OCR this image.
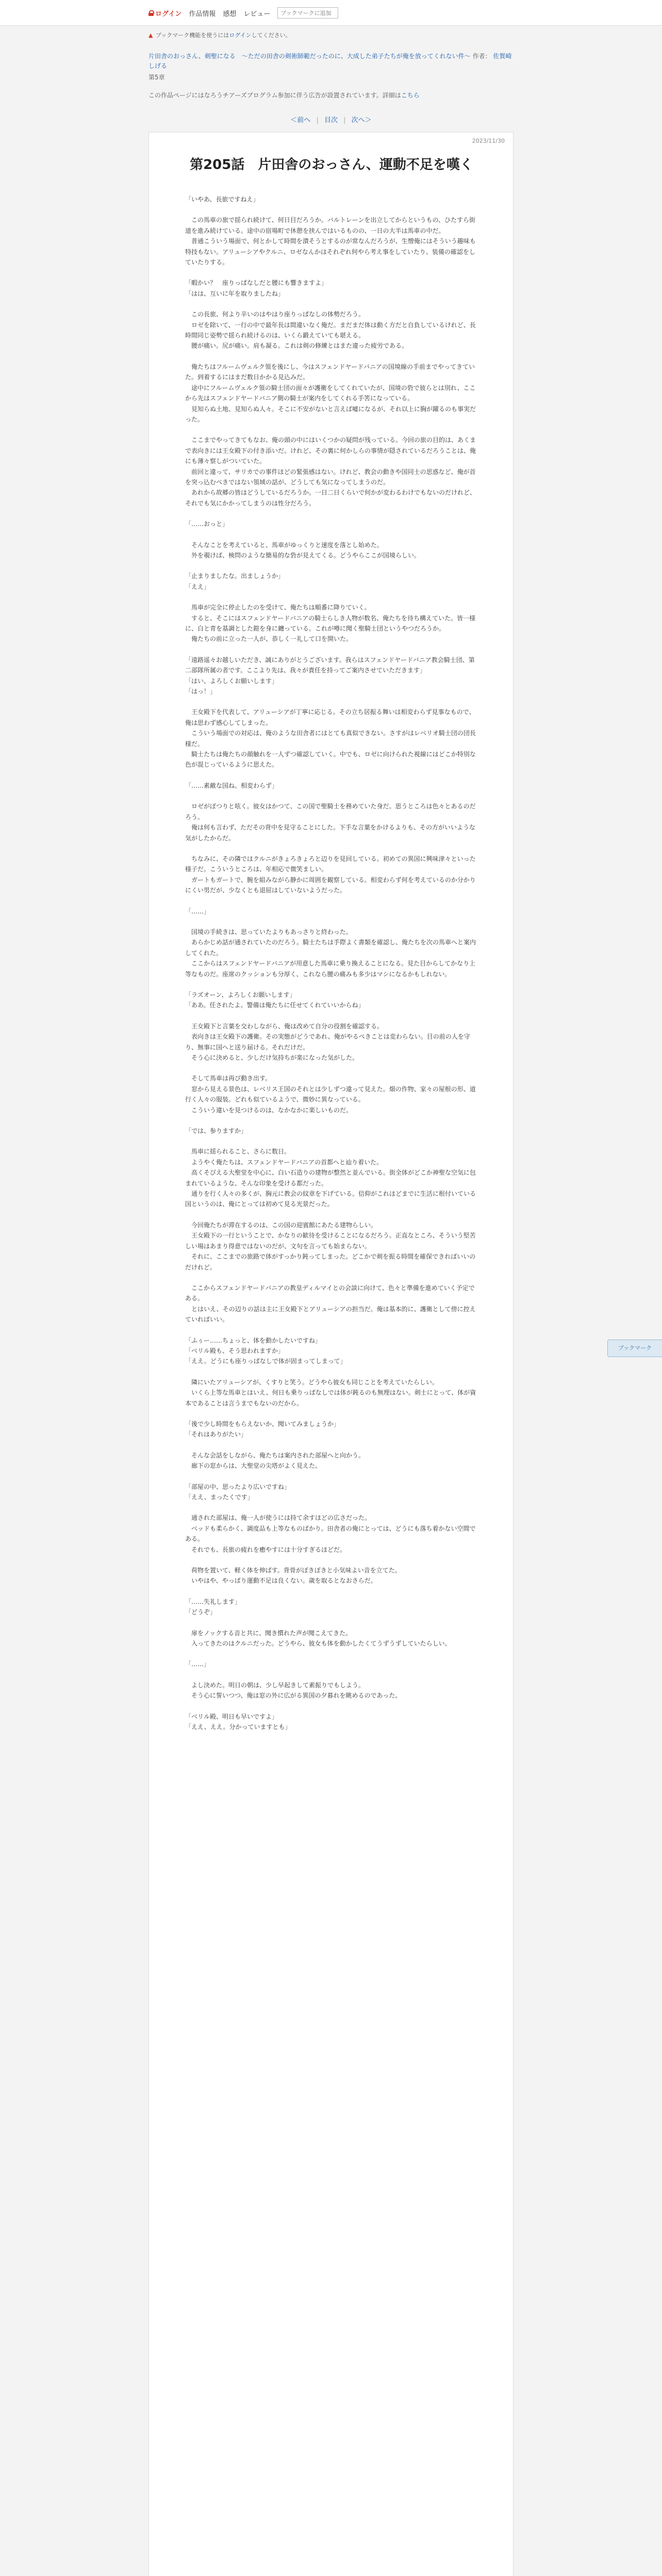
ログイン 作品情報 感想 レビュー
ブックマークに追加
▲ ブックマーク機能を使うにはログインしてください。
片田舎のおっさん、剣聖になる　～ただの田舎の剣術師範だったのに、大成した弟子たちが俺を放ってくれない件～ 作者： 佐賀崎しげる
第5章
この作品ページにはなろうチアーズプログラム参加に伴う広告が設置されています。詳細はこちら
＜前へ | 目次 | 次へ＞
2023/11/30
第205話　片田舎のおっさん、運動不足を嘆く

「いやあ、長旅ですねえ」

　この馬車の旅で揺られ続けて、何日目だろうか。バルトレーンを出立してからというもの、ひたすら街道を進み続けている。途中の宿場町で休憩を挟んではいるものの、一日の大半は馬車の中だ。
　普通こういう場面で、何とかして時間を潰そうとするのが常なんだろうが、生憎俺にはそういう趣味も特技もない。アリューシアやクルニ、ロゼなんかはそれぞれ何やら考え事をしていたり、装備の確認をしていたりする。

「暇かい？　座りっぱなしだと腰にも響きますよ」
「はは、互いに年を取りましたね」

　この長旅、何より辛いのはやはり座りっぱなしの体勢だろう。
　ロゼを除いて、一行の中で最年長は間違いなく俺だ。まだまだ体は動く方だと自負しているけれど、長時間同じ姿勢で揺られ続けるのは、いくら鍛えていても堪える。
　腰が痛い。尻が痛い。肩も凝る。これは剣の修練とはまた違った疲労である。

　俺たちはフルームヴェルク領を後にし、今はスフェンドヤードバニアの国境線の手前までやってきていた。到着するにはまだ数日かかる見込みだ。
　途中にフルームヴェルク領の騎士団の面々が護衛をしてくれていたが、国境の砦で彼らとは別れ、ここから先はスフェンドヤードバニア側の騎士が案内をしてくれる手筈になっている。
　見知らぬ土地、見知らぬ人々。そこに不安がないと言えば嘘になるが、それ以上に胸が躍るのも事実だった。

　ここまでやってきてもなお、俺の頭の中にはいくつかの疑問が残っている。今回の旅の目的は、あくまで表向きには王女殿下の付き添いだ。けれど、その裏に何かしらの事情が隠されているだろうことは、俺にも薄々察しがついていた。
　前回と違って、サリカでの事件ほどの緊張感はない。けれど、教会の動きや国同士の思惑など、俺が首を突っ込むべきではない領域の話が、どうしても気になってしまうのだ。
　あれから故郷の皆はどうしているだろうか。一日二日くらいで何かが変わるわけでもないのだけれど、それでも気にかかってしまうのは性分だろう。

「……おっと」

　そんなことを考えていると、馬車がゆっくりと速度を落とし始めた。
　外を覗けば、検問のような簡易的な砦が見えてくる。どうやらここが国境らしい。

「止まりましたな。出ましょうか」
「ええ」

　馬車が完全に停止したのを受けて、俺たちは順番に降りていく。
　すると、そこにはスフェンドヤードバニアの騎士らしき人物が数名、俺たちを待ち構えていた。皆一様に、白と青を基調とした鎧を身に纏っている。これが噂に聞く聖騎士団というやつだろうか。
　俺たちの前に立った一人が、恭しく一礼して口を開いた。

「遠路遥々お越しいただき、誠にありがとうございます。我らはスフェンドヤードバニア教会騎士団、第二部隊所属の者です。ここより先は、我々が責任を持ってご案内させていただきます」
「はい、よろしくお願いします」
「はっ！」

　王女殿下を代表して、アリューシアが丁寧に応じる。その立ち居振る舞いは相変わらず見事なもので、俺は思わず感心してしまった。
　こういう場面での対応は、俺のような田舎者にはとても真似できない。さすがはレベリオ騎士団の団長様だ。
　騎士たちは俺たちの顔触れを一人ずつ確認していく。中でも、ロゼに向けられた視線にはどこか特別な色が混じっているように思えた。

「……素敵な国ね。相変わらず」

　ロゼがぽつりと呟く。彼女はかつて、この国で聖騎士を務めていた身だ。思うところは色々とあるのだろう。
　俺は何も言わず、ただその背中を見守ることにした。下手な言葉をかけるよりも、その方がいいような気がしたからだ。

　ちなみに、その隣ではクルニがきょろきょろと辺りを見回している。初めての異国に興味津々といった様子だ。こういうところは、年相応で微笑ましい。
　ガートもガートで、腕を組みながら静かに周囲を観察している。相変わらず何を考えているのか分かりにくい男だが、少なくとも退屈はしていないようだった。

「……」

　国境の手続きは、思っていたよりもあっさりと終わった。
　あらかじめ話が通されていたのだろう。騎士たちは手際よく書類を確認し、俺たちを次の馬車へと案内してくれた。
　ここからはスフェンドヤードバニアが用意した馬車に乗り換えることになる。見た目からしてかなり上等なものだ。座席のクッションも分厚く、これなら腰の痛みも多少はマシになるかもしれない。

「ラズオーン、よろしくお願いします」
「ああ。任されたよ。警備は俺たちに任せてくれていいからね」

　王女殿下と言葉を交わしながら、俺は改めて自分の役割を確認する。
　表向きは王女殿下の護衛。その実態がどうであれ、俺がやるべきことは変わらない。目の前の人を守り、無事に国へと送り届ける。それだけだ。
　そう心に決めると、少しだけ気持ちが楽になった気がした。

　そして馬車は再び動き出す。
　窓から見える景色は、レベリス王国のそれとは少しずつ違って見えた。畑の作物、家々の屋根の形、道行く人々の服装。どれも似ているようで、微妙に異なっている。
　こういう違いを見つけるのは、なかなかに楽しいものだ。

「では、参りますか」

　馬車に揺られること、さらに数日。
　ようやく俺たちは、スフェンドヤードバニアの首都へと辿り着いた。
　高くそびえる大聖堂を中心に、白い石造りの建物が整然と並んでいる。街全体がどこか神聖な空気に包まれているような、そんな印象を受ける都だった。
　通りを行く人々の多くが、胸元に教会の紋章を下げている。信仰がこれほどまでに生活に根付いている国というのは、俺にとっては初めて見る光景だった。

　今回俺たちが滞在するのは、この国の迎賓館にあたる建物らしい。
　王女殿下の一行ということで、かなりの歓待を受けることになるだろう。正直なところ、そういう堅苦しい場はあまり得意ではないのだが、文句を言っても始まらない。
　それに、ここまでの旅路で体がすっかり鈍ってしまった。どこかで剣を振る時間を確保できればいいのだけれど。

　ここからスフェンドヤードバニアの教皇ディルマイとの会談に向けて、色々と準備を進めていく予定である。
　とはいえ、その辺りの話は主に王女殿下とアリューシアの担当だ。俺は基本的に、護衛として傍に控えていればいい。

「ふぅー……ちょっと、体を動かしたいですね」
「ベリル殿も、そう思われますか」
「ええ。どうにも座りっぱなしで体が固まってしまって」

　隣にいたアリューシアが、くすりと笑う。どうやら彼女も同じことを考えていたらしい。
　いくら上等な馬車とはいえ、何日も乗りっぱなしでは体が鈍るのも無理はない。剣士にとって、体が資本であることは言うまでもないのだから。

「後で少し時間をもらえないか、聞いてみましょうか」
「それはありがたい」

　そんな会話をしながら、俺たちは案内された部屋へと向かう。
　廊下の窓からは、大聖堂の尖塔がよく見えた。

「部屋の中、思ったより広いですね」
「ええ、まったくです」

　通された部屋は、俺一人が使うには持て余すほどの広さだった。
　ベッドも柔らかく、調度品も上等なものばかり。田舎者の俺にとっては、どうにも落ち着かない空間である。
　それでも、長旅の疲れを癒やすには十分すぎるほどだ。

　荷物を置いて、軽く体を伸ばす。背骨がぽきぽきと小気味よい音を立てた。
　いやはや、やっぱり運動不足は良くない。歳を取るとなおさらだ。

「……失礼します」
「どうぞ」

　扉をノックする音と共に、聞き慣れた声が聞こえてきた。
　入ってきたのはクルニだった。どうやら、彼女も体を動かしたくてうずうずしていたらしい。

「……」

　よし決めた。明日の朝は、少し早起きして素振りでもしよう。
　そう心に誓いつつ、俺は窓の外に広がる異国の夕暮れを眺めるのであった。

「ベリル殿、明日も早いですよ」
「ええ、ええ。分かっていますとも」

ブックマーク
